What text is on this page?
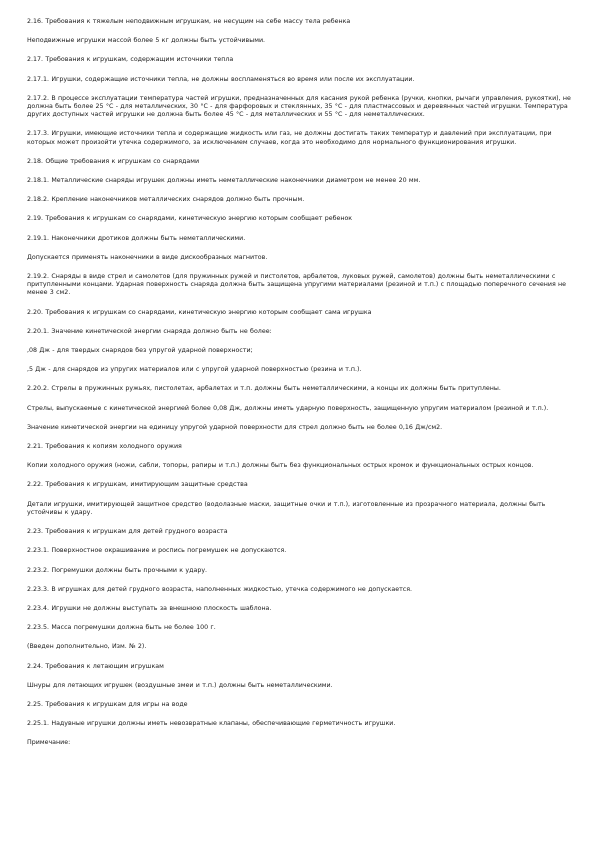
2.16. Требования к тяжелым неподвижным игрушкам, не несущим на себе массу тела ребенка

Неподвижные игрушки массой более 5 кг должны быть устойчивыми.

2.17. Требования к игрушкам, содержащим источники тепла

2.17.1. Игрушки, содержащие источники тепла, не должны воспламеняться во время или после их эксплуатации.

2.17.2. В процессе эксплуатации температура частей игрушки, предназначенных для касания рукой ребенка (ручки, кнопки, рычаги управления, рукоятки), не должна быть более 25 °С - для металлических, 30 °С - для фарфоровых и стеклянных, 35 °С - для пластмассовых и деревянных частей игрушки. Температура других доступных частей игрушки не должна быть более 45 °С - для металлических и 55 °С - для неметаллических.

2.17.3. Игрушки, имеющие источники тепла и содержащие жидкость или газ, не должны достигать таких температур и давлений при эксплуатации, при которых может произойти утечка содержимого, за исключением случаев, когда это необходимо для нормального функционирования игрушки.

2.18. Общие требования к игрушкам со снарядами

2.18.1. Металлические снаряды игрушек должны иметь неметаллические наконечники диаметром не менее 20 мм.

2.18.2. Крепление наконечников металлических снарядов должно быть прочным.

2.19. Требования к игрушкам со снарядами, кинетическую энергию которым сообщает ребенок

2.19.1. Наконечники дротиков должны быть неметаллическими.

Допускается применять наконечники в виде дискообразных магнитов.

2.19.2. Снаряды в виде стрел и самолетов (для пружинных ружей и пистолетов, арбалетов, луковых ружей, самолетов) должны быть неметаллическими с притупленными концами. Ударная поверхность снаряда должна быть защищена упругими материалами (резиной и т.п.) с площадью поперечного сечения не менее 3 см2.

2.20. Требования к игрушкам со снарядами, кинетическую энергию которым сообщает сама игрушка

2.20.1. Значение кинетической энергии снаряда должно быть не более:

,08 Дж - для твердых снарядов без упругой ударной поверхности;

,5 Дж - для снарядов из упругих материалов или с упругой ударной поверхностью (резина и т.п.).

2.20.2. Стрелы в пружинных ружьях, пистолетах, арбалетах и т.п. должны быть неметаллическими, а концы их должны быть притуплены.

Стрелы, выпускаемые с кинетической энергией более 0,08 Дж, должны иметь ударную поверхность, защищенную упругим материалом (резиной и т.п.).

Значение кинетической энергии на единицу упругой ударной поверхности для стрел должно быть не более 0,16 Дж/см2.

2.21. Требования к копиям холодного оружия

Копии холодного оружия (ножи, сабли, топоры, рапиры и т.п.) должны быть без функциональных острых кромок и функциональных острых концов.

2.22. Требования к игрушкам, имитирующим защитные средства

Детали игрушки, имитирующей защитное средство (водолазные маски, защитные очки и т.п.), изготовленные из прозрачного материала, должны быть устойчивы к удару.

2.23. Требования к игрушкам для детей грудного возраста

2.23.1. Поверхностное окрашивание и роспись погремушек не допускаются.

2.23.2. Погремушки должны быть прочными к удару.

2.23.3. В игрушках для детей грудного возраста, наполненных жидкостью, утечка содержимого не допускается.

2.23.4. Игрушки не должны выступать за внешнюю плоскость шаблона.

2.23.5. Масса погремушки должна быть не более 100 г.

(Введен дополнительно, Изм. № 2).

2.24. Требования к летающим игрушкам

Шнуры для летающих игрушек (воздушные змеи и т.п.) должны быть неметаллическими.

2.25. Требования к игрушкам для игры на воде

2.25.1. Надувные игрушки должны иметь невозвратные клапаны, обеспечивающие герметичность игрушки.

Примечание:
